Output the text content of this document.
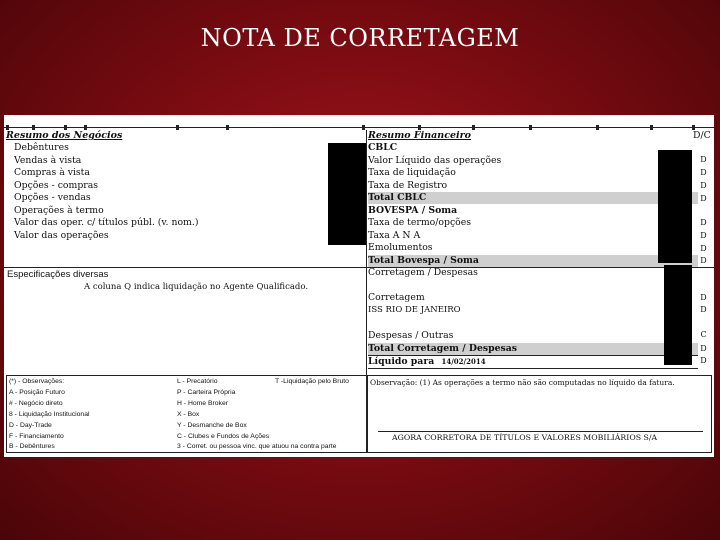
NOTA DE CORRETAGEM
Resumo dos Negócios
Debêntures
Vendas à vista
Compras à vista
Opções - compras
Opções - vendas
Operações à termo
Valor das oper. c/ títulos públ. (v. nom.)
Valor das operações
Resumo Financeiro	D/C
CBLC
Valor Líquido das operações
Taxa de liquidação
Taxa de Registro
Total CBLC
BOVESPA / Soma
Taxa de termo/opções
Taxa A N A
Emolumentos
Total Bovespa / Soma
Corretagem / Despesas
Corretagem
ISS RIO DE JANEIRO
Despesas / Outras
Total Corretagem / Despesas
Líquido para 14/02/2014
D
D
D
D
D
D
D
D
D
D
C
D
D
Especificações diversas
A coluna Q indica liquidação no Agente Qualificado.
(*) - Observações:
A - Posição Futuro
# - Negócio direto
8 - Liquidação Institucional
D - Day-Trade
F - Financiamento
B - Debêntures
L - Precatório
P - Carteira Própria
H - Home Broker
X - Box
Y - Desmanche de Box
C - Clubes e Fundos de Ações
3 - Corret. ou pessoa vinc. que atuou na contra parte
T -Liquidação pelo Bruto	Observação: (1) As operações a termo não são computadas no líquido da fatura.
AGORA CORRETORA DE TÍTULOS E VALORES MOBILIÁRIOS S/A
